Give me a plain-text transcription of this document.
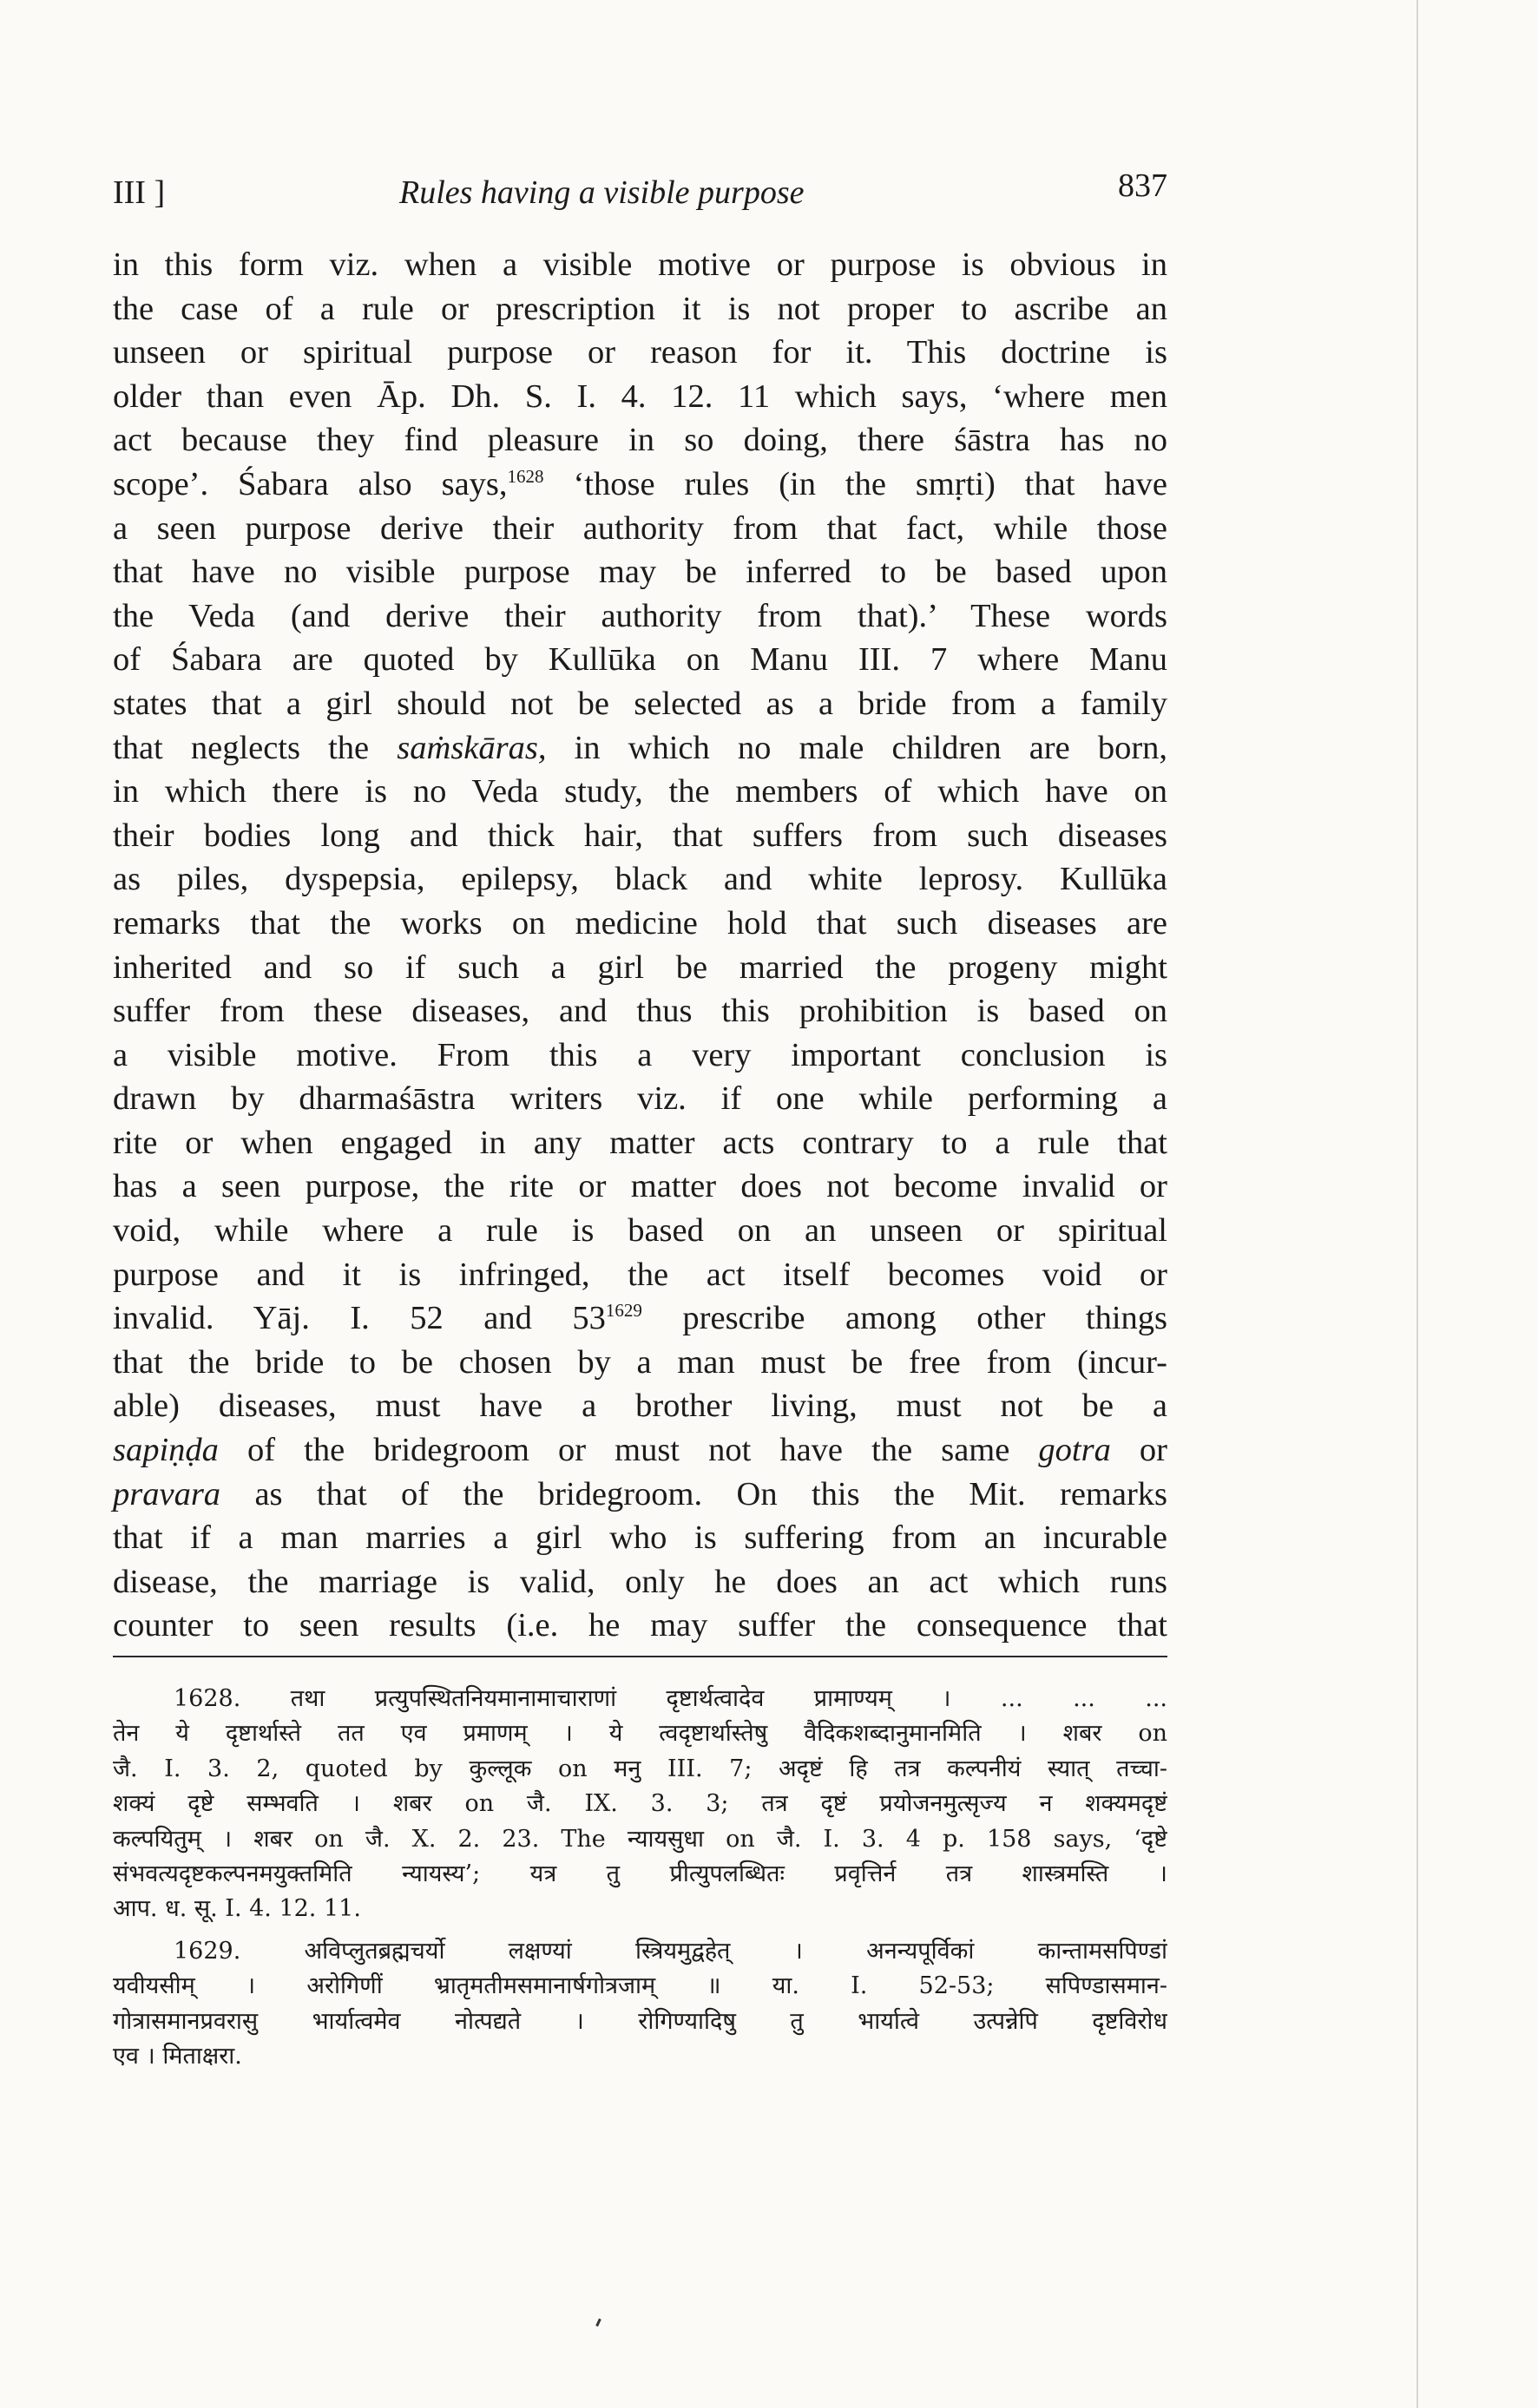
III ]	Rules having a visible purpose	837
in this form viz. when a visible motive or purpose is obvious in
the case of a rule or prescription it is not proper to ascribe an
unseen or spiritual purpose or reason for it. This doctrine is
older than even Āp. Dh. S. I. 4. 12. 11 which says, ‘where men
act because they find pleasure in so doing, there śāstra has no
scope’. Śabara also says,$^{1628}$ ‘those rules (in the smṛti) that have
a seen purpose derive their authority from that fact, while those
that have no visible purpose may be inferred to be based upon
the Veda (and derive their authority from that).’ These words
of Śabara are quoted by Kullūka on Manu III. 7 where Manu
states that a girl should not be selected as a bride from a family
that neglects the saṁskāras, in which no male children are born,
in which there is no Veda study, the members of which have on
their bodies long and thick hair, that suffers from such diseases
as piles, dyspepsia, epilepsy, black and white leprosy. Kullūka
remarks that the works on medicine hold that such diseases are
inherited and so if such a girl be married the progeny might
suffer from these diseases, and thus this prohibition is based on
a visible motive. From this a very important conclusion is
drawn by dharmaśāstra writers viz. if one while performing a
rite or when engaged in any matter acts contrary to a rule that
has a seen purpose, the rite or matter does not become invalid or
void, while where a rule is based on an unseen or spiritual
purpose and it is infringed, the act itself becomes void or
invalid. Yāj. I. 52 and $53^{1629}$ prescribe among other things
that the bride to be chosen by a man must be free from (incur-
able) diseases, must have a brother living, must not be a
sapiṇḍa of the bridegroom or must not have the same gotra or
pravara as that of the bridegroom. On this the Mit. remarks
that if a man marries a girl who is suffering from an incurable
disease, the marriage is valid, only he does an act which runs
counter to seen results (i.e. he may suffer the consequence that
1628. तथा प्रत्युपस्थितनियमानामाचाराणां दृष्टार्थत्वादेव प्रामाण्यम् । ... ... ...
तेन ये दृष्टार्थास्ते तत एव प्रमाणम् । ये त्वदृष्टार्थास्तेषु वैदिकशब्दानुमानमिति । शबर on
जै. I. 3. 2, quoted by कुल्लूक on मनु III. 7; अदृष्टं हि तत्र कल्पनीयं स्यात् तच्चा-
शक्यं दृष्टे सम्भवति । शबर on जै. IX. 3. 3; तत्र दृष्टं प्रयोजनमुत्सृज्य न शक्यमदृष्टं
कल्पयितुम् । शबर on जै. X. 2. 23. The न्यायसुधा on जै. I. 3. 4 p. 158 says, ‘दृष्टे
संभवत्यदृष्टकल्पनमयुक्तमिति न्यायस्य’; यत्र तु प्रीत्युपलब्धितः प्रवृत्तिर्न तत्र शास्त्रमस्ति ।
आप. ध. सू. I. 4. 12. 11.
1629. अविप्लुतब्रह्मचर्यो लक्षण्यां स्त्रियमुद्वहेत् । अनन्यपूर्विकां कान्तामसपिण्डां
यवीयसीम् । अरोगिणीं भ्रातृमतीमसमानार्षगोत्रजाम् ॥ या. I. 52-53; सपिण्डासमान-
गोत्रासमानप्रवरासु भार्यात्वमेव नोत्पद्यते । रोगिण्यादिषु तु भार्यात्वे उत्पन्नेपि दृष्टविरोध
एव । मिताक्षरा.
